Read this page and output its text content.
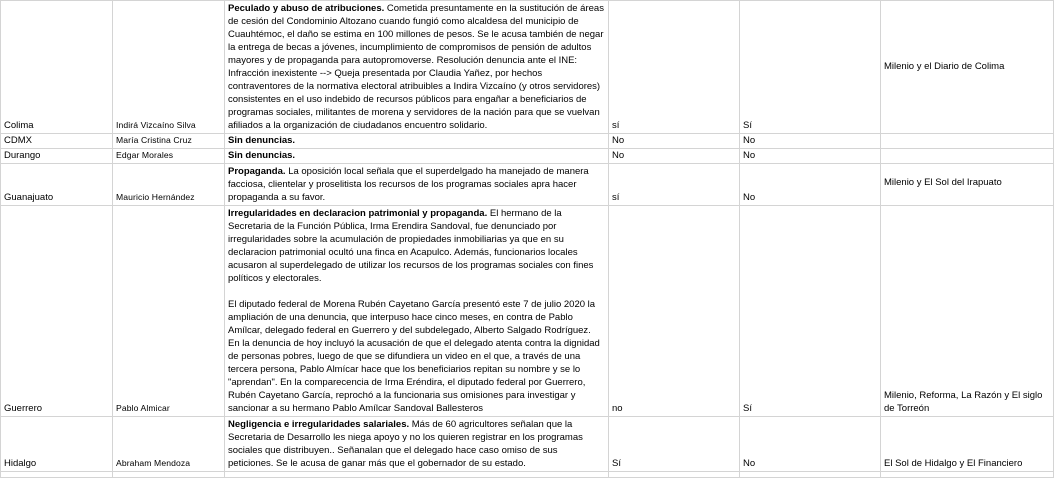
Colima	Indirá Vizcaíno Silva	Peculado y abuso de atribuciones. Cometida presuntamente en la sustitución de áreas de cesión del Condominio Altozano cuando fungió como alcaldesa del municipio de Cuauhtémoc, el daño se estima en 100 millones de pesos. Se le acusa también de negar la entrega de becas a jóvenes, incumplimiento de compromisos de pensión de adultos mayores y de propaganda para autopromoverse. Resolución denuncia ante el INE: Infracción inexistente --> Queja presentada por Claudia Yañez, por hechos contraventores de la normativa electoral atribuibles a Indira Vizcaíno (y otros servidores) consistentes en el uso indebido de recursos públicos para engañar a beneficiarios de programas sociales, militantes de morena y servidores de la nación para que se vuelvan afiliados a la organización de ciudadanos encuentro solidario.	sí	Sí	Milenio y el Diario de Colima
CDMX	María Cristina Cruz	Sin denuncias.	No	No	
Durango	Edgar Morales	Sin denuncias.	No	No	
Guanajuato	Mauricio Hernández	Propaganda. La oposición local señala que el superdelgado ha manejado de manera facciosa, clientelar y proselitista los recursos de los programas sociales apra hacer propaganda a su favor.	sí	No	Milenio y El Sol del Irapuato
Guerrero	Pablo Almicar	Irregularidades en declaracion patrimonial y propaganda. El hermano de la Secretaria de la Función Pública, Irma Erendira Sandoval, fue denunciado por irregularidades sobre la acumulación de propiedades inmobiliarias ya que en su declaracion patrimonial ocultó una finca en Acapulco. Además, funcionarios locales acusaron al superdelegado de utilizar los recursos de los programas sociales con fines políticos y electorales.

El diputado federal de Morena Rubén Cayetano García presentó este 7 de julio 2020 la ampliación de una denuncia, que interpuso hace cinco meses, en contra de Pablo Amílcar, delegado federal en Guerrero y del subdelegado, Alberto Salgado Rodríguez. En la denuncia de hoy incluyó la acusación de que el delegado atenta contra la dignidad de personas pobres, luego de que se difundiera un video en el que, a través de una tercera persona, Pablo Almícar hace que los beneficiarios repitan su nombre y se lo "aprendan". En la comparecencia de Irma Eréndira, el diputado federal por Guerrero, Rubén Cayetano García, reprochó a la funcionaria sus omisiones para investigar y sancionar a su hermano Pablo Amílcar Sandoval Ballesteros	no	Sí	Milenio, Reforma, La Razón y El siglo de Torreón
Hidalgo	Abraham Mendoza	Negligencia e irregularidades salariales. Más de 60 agricultores señalan que la Secretaria de Desarrollo les niega apoyo y no los quieren registrar en los programas sociales que distribuyen.. Señanalan que el delegado hace caso omiso de sus peticiones. Se le acusa de ganar más que el gobernador de su estado.	Sí	No	El Sol de Hidalgo y El Financiero
